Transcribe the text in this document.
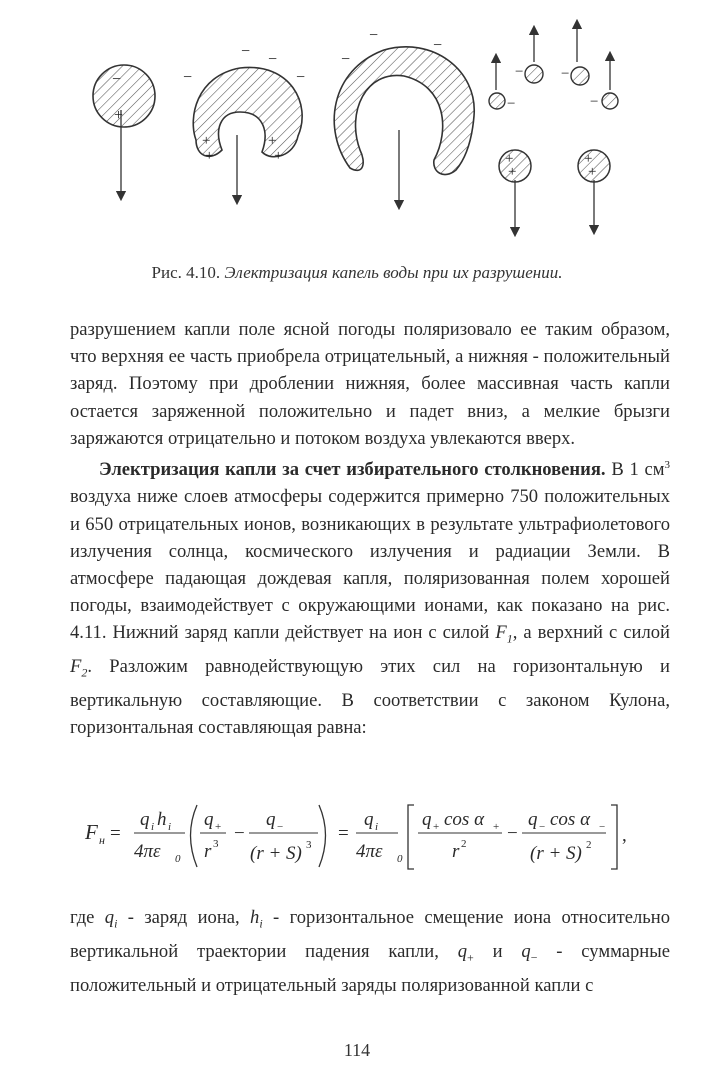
−
+
−
− −
−
+
+
+
+
−
−
−
−	−
−	−
+
+
+
+
Рис. 4.10. Электризация капель воды при их разрушении.

разрушением капли поле ясной погоды поляризовало ее таким образом, что верхняя ее часть приобрела отрицательный, а нижняя - положительный заряд. Поэтому при дроблении нижняя, более массивная часть капли остается заряженной положительно и падет вниз, а мелкие брызги заряжаются отрицательно и потоком воздуха увлекаются вверх.

Электризация капли за счет избирательного столкновения. В 1 $см^3$ воздуха ниже слоев атмосферы содержится примерно 750 положительных и 650 отрицательных ионов, возникающих в результате ультрафиолетового излучения солнца, космического излучения и радиации Земли. В атмосфере падающая дождевая капля, поляризованная полем хорошей погоды, взаимодействует с окружающими ионами, как показано на рис. 4.11. Нижний заряд капли действует на ион с силой $F_1$, а верхний с силой $F_2$. Разложим равнодействующую этих сил на горизонтальную и вертикальную составляющие. В соответствии с законом Кулона, горизонтальная составляющая равна:

F н =
q i h i
4πε 0
q +
r 3 −
q −
(r + S) 3
=
q i
4πε 0
q + cos α +
r 2 −
q − cos α −
(r + S) 2 ,

где $q_i$ - заряд иона, $h_i$ - горизонтальное смещение иона относительно вертикальной траектории падения капли, $q_+$ и $q_-$ - суммарные положительный и отрицательный заряды поляризованной капли с

114
